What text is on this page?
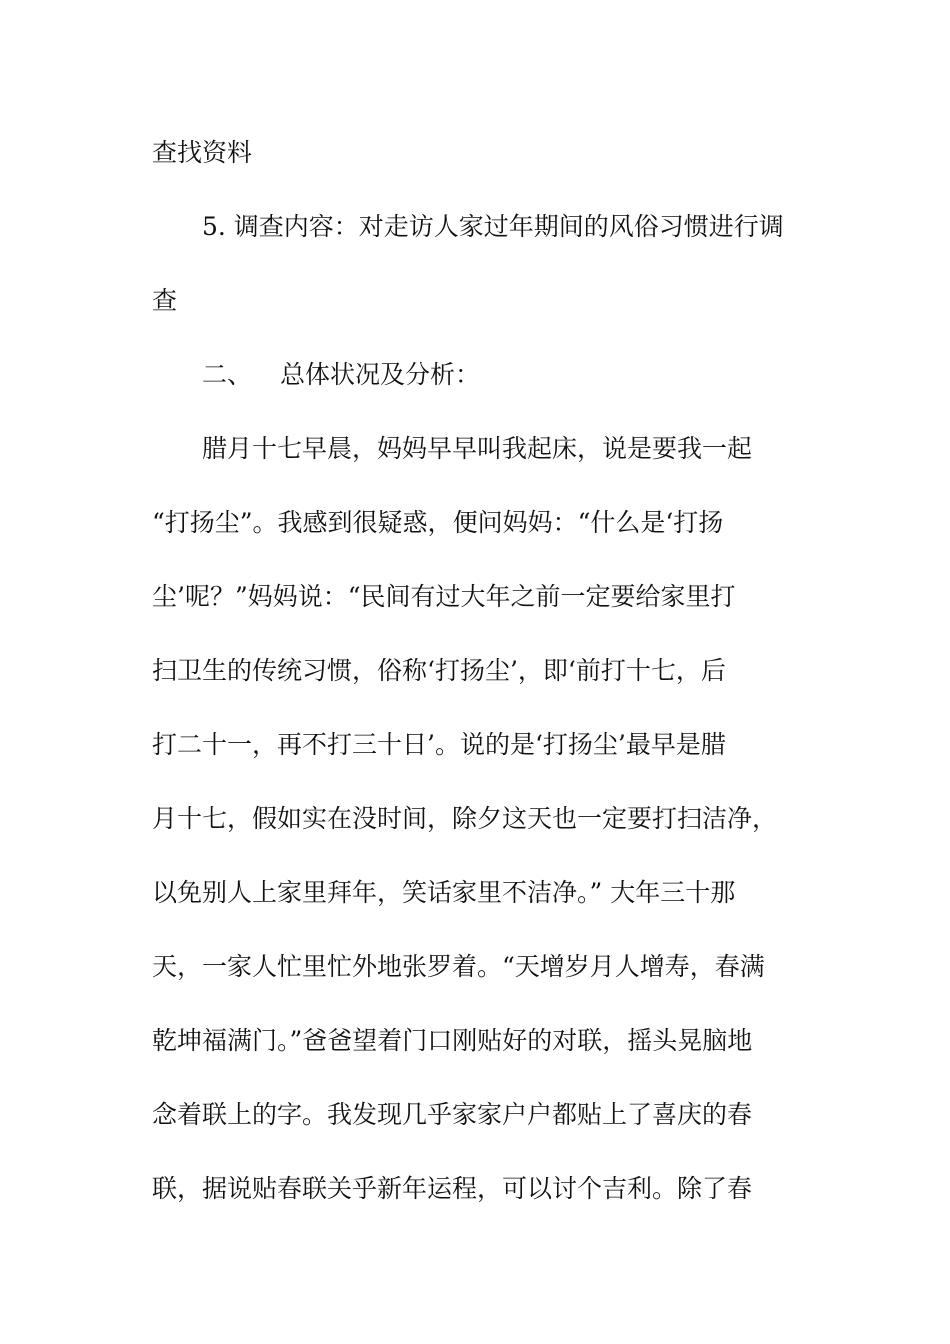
查找资料
5. 调查内容：对走访人家过年期间的风俗习惯进行调
查
二、 总体状况及分析：
腊月十七早晨，妈妈早早叫我起床，说是要我一起
“打扬尘”。我感到很疑惑，便问妈妈：“什么是‘打扬
尘’呢？”妈妈说：“民间有过大年之前一定要给家里打
扫卫生的传统习惯，俗称‘打扬尘’，即‘前打十七，后
打二十一，再不打三十日’。说的是‘打扬尘’最早是腊
月十七，假如实在没时间，除夕这天也一定要打扫洁净，
以免别人上家里拜年，笑话家里不洁净。” 大年三十那
天，一家人忙里忙外地张罗着。“天增岁月人增寿，春满
乾坤福满门。”爸爸望着门口刚贴好的对联，摇头晃脑地
念着联上的字。我发现几乎家家户户都贴上了喜庆的春
联，据说贴春联关乎新年运程，可以讨个吉利。除了春
